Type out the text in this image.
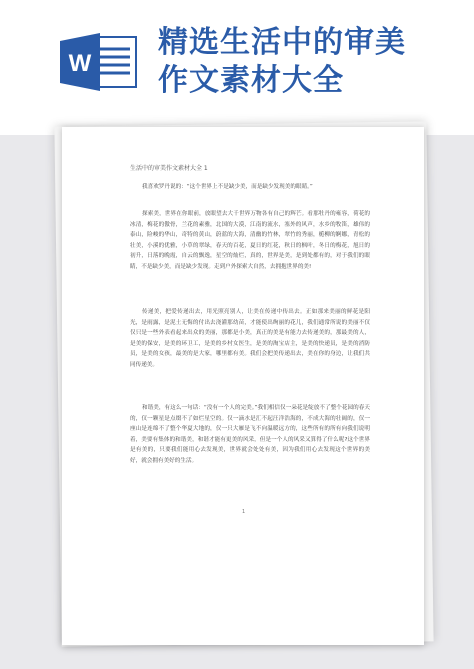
W
精选生活中的审美
作文素材大全
生活中的审美作文素材大全 1
我喜欢罗丹说的：“这个世界上不是缺少美，而是缺少发现美的眼睛。”
探索美，世界在你眼前，放眼望去大千世界万物各有自己的辉芒。看那牡丹的雍容，荷花的冰清，梅花的傲骨，兰花的素雅，北国的大漠，江南的流水，塞外的风声，水乡的牧笛，雄伟的泰山，险峻的华山，奇特的黄山，蔚蓝的大海，清幽的竹林，翠竹的秀丽，栀柳的婀娜，青松的壮美，小溪的优雅，小草的翠绿，春天的百花，夏日的红花，秋日的枫叶，冬日的梅花，旭日的初升，日落的晚霞，自云的飘逸，星空的灿烂，真的，世界是美，是到处都有的，对于我们的眼睛，不是缺少美，而是缺少发现。走到户外探索大自然，去拥抱世界的美!
传递美，把爱传递出去，用光照亮别人，让美在传递中传出去。正如那来美丽的鲜花是阳光，是雨露，是泥土无悔的付出去浇灌那幼苗，才能使出绚丽的花儿，我们通常所说的美丽不仅仅只是一些外表看起来出众的美丽，那都是小美，真正的美是有能力去传递美的，那最美的人，是美的保安，是美的环卫工，是美的乡村女医生，是美的淘宝店主，是美的快递员，是美的消防员，是美的女孩，最美的是大家，哪里都有美。我们会把美传递出去，美在你的身边，让我们共同传递美。
和谐美，有这么一句话：“没有一个人的完美。”我们相信仅一朵花是绽放不了整个花园的春天的，仅一颗星是点缀不了如烂星空的。仅一滴水是汇不起汪洋浩海的，不成大海的壮阔的，仅一座山是连绵不了整个华夏大地的，仅一只大雁是飞不向温暖远方的，这些所有的所有向我们说明着，美要有集体的和谐美，和谐才能有更美的风采，但是一个人的风采又算得了什么呢?这个世界是有美的，只要我们能用心去发现美，世界就会处处有美，因为我们用心去发现这个世界的美好，就会拥有美好的生活。
1
